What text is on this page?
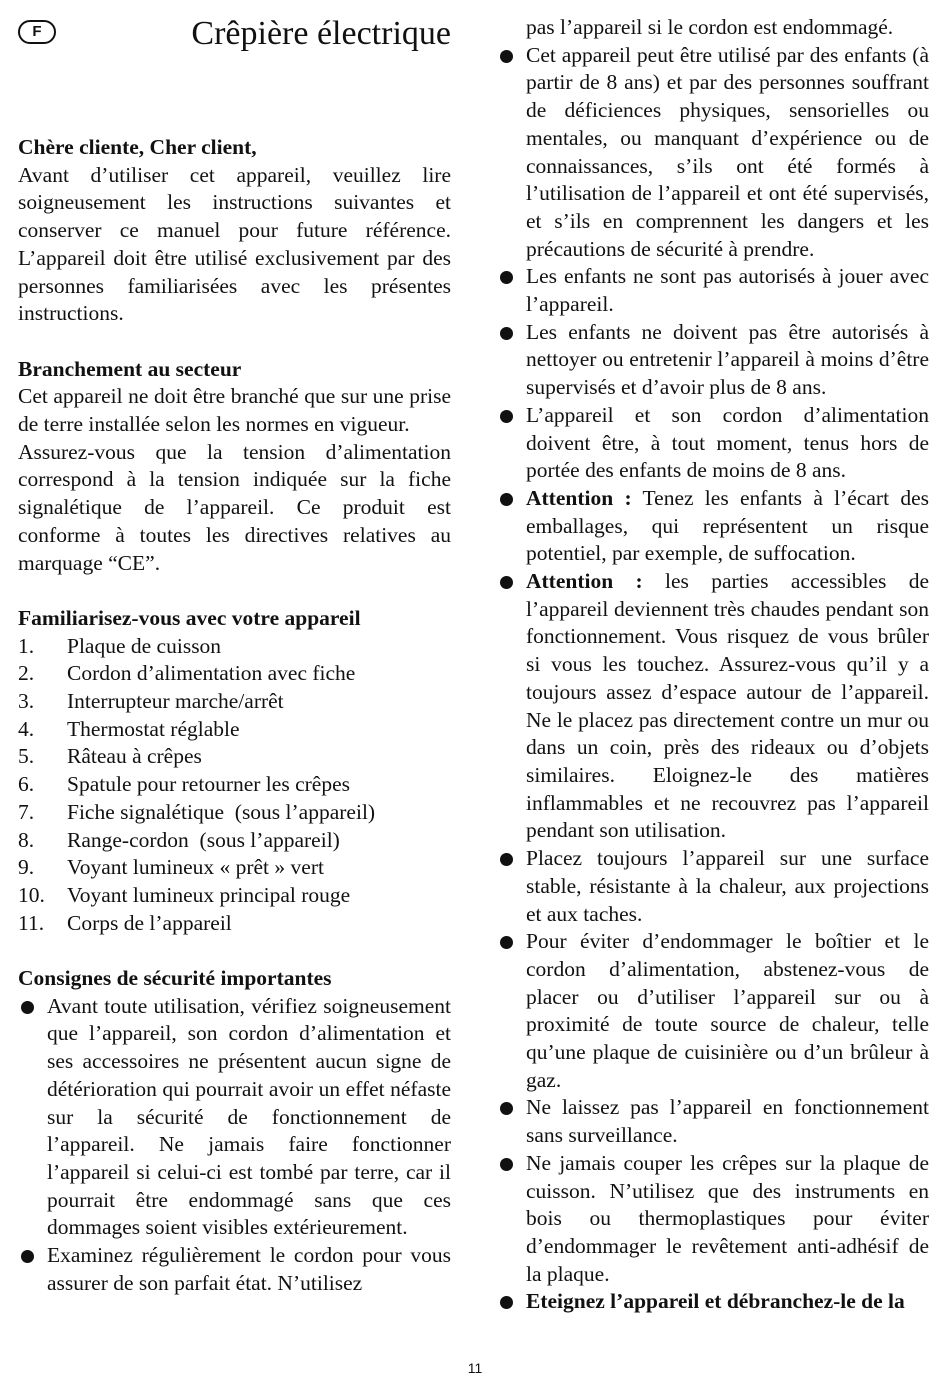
F	Crêpière électrique
Chère cliente, Cher client,

Avant d’utiliser cet appareil, veuillez lire soigneusement les instructions suivantes et conserver ce manuel pour future référence. L’appareil doit être utilisé exclusivement par des personnes familiarisées avec les présentes instructions.

Branchement au secteur

Cet appareil ne doit être branché que sur une prise de terre installée selon les normes en vigueur.

Assurez-vous que la tension d’alimentation correspond à la tension indiquée sur la fiche signalétique de l’appareil. Ce produit est conforme à toutes les directives relatives au marquage “CE”.

Familiarisez-vous avec votre appareil
1.	Plaque de cuisson
2.	Cordon d’alimentation avec fiche
3.	Interrupteur marche/arrêt
4.	Thermostat réglable
5.	Râteau à crêpes
6.	Spatule pour retourner les crêpes
7.	Fiche signalétique  (sous l’appareil)
8.	Range-cordon  (sous l’appareil)
9.	Voyant lumineux « prêt » vert
10.	Voyant lumineux principal rouge
11.	Corps de l’appareil
Consignes de sécurité importantes
Avant toute utilisation, vérifiez soigneusement que l’appareil, son cordon d’alimentation et ses accessoires ne présentent aucun signe de détérioration qui pourrait avoir un effet néfaste sur la sécurité de fonctionnement de l’appareil. Ne jamais faire fonctionner l’appareil si celui-ci est tombé par terre, car il pourrait être endommagé sans que ces dommages soient visibles extérieurement.
Examinez régulièrement le cordon pour vous assurer de son parfait état. N’utilisez
pas l’appareil si le cordon est endommagé.
Cet appareil peut être utilisé par des enfants (à partir de 8 ans) et par des personnes souffrant de déficiences physiques, sensorielles ou mentales, ou manquant d’expérience ou de connaissances, s’ils ont été formés à l’utilisation de l’appareil et ont été supervisés, et s’ils en comprennent les dangers et les précautions de sécurité à prendre.
Les enfants ne sont pas autorisés à jouer avec l’appareil.
Les enfants ne doivent pas être autorisés à nettoyer ou entretenir l’appareil à moins d’être supervisés et d’avoir plus de 8 ans.
L’appareil et son cordon d’alimentation doivent être, à tout moment, tenus hors de portée des enfants de moins de 8 ans.
Attention : Tenez les enfants à l’écart des emballages, qui représentent un risque potentiel, par exemple, de suffocation.
Attention : les parties accessibles de l’appareil deviennent très chaudes pendant son fonctionnement. Vous risquez de vous brûler si vous les touchez. Assurez-vous qu’il y a toujours assez d’espace autour de l’appareil. Ne le placez pas directement contre un mur ou dans un coin, près des rideaux ou d’objets similaires. Eloignez-le des matières inflammables et ne recouvrez pas l’appareil pendant son utilisation.
Placez toujours l’appareil sur une surface stable, résistante à la chaleur, aux projections et aux taches.
Pour éviter d’endommager le boîtier et le cordon d’alimentation, abstenez-vous de placer ou d’utiliser l’appareil sur ou à proximité de toute source de chaleur, telle qu’une plaque de cuisinière ou d’un brûleur à gaz.
Ne laissez pas l’appareil en fonctionnement sans surveillance.
Ne jamais couper les crêpes sur la plaque de cuisson. N’utilisez que des instruments en bois ou thermoplastiques pour éviter d’endommager le revêtement anti-adhésif de la plaque.
Eteignez l’appareil et débranchez-le de la
11
